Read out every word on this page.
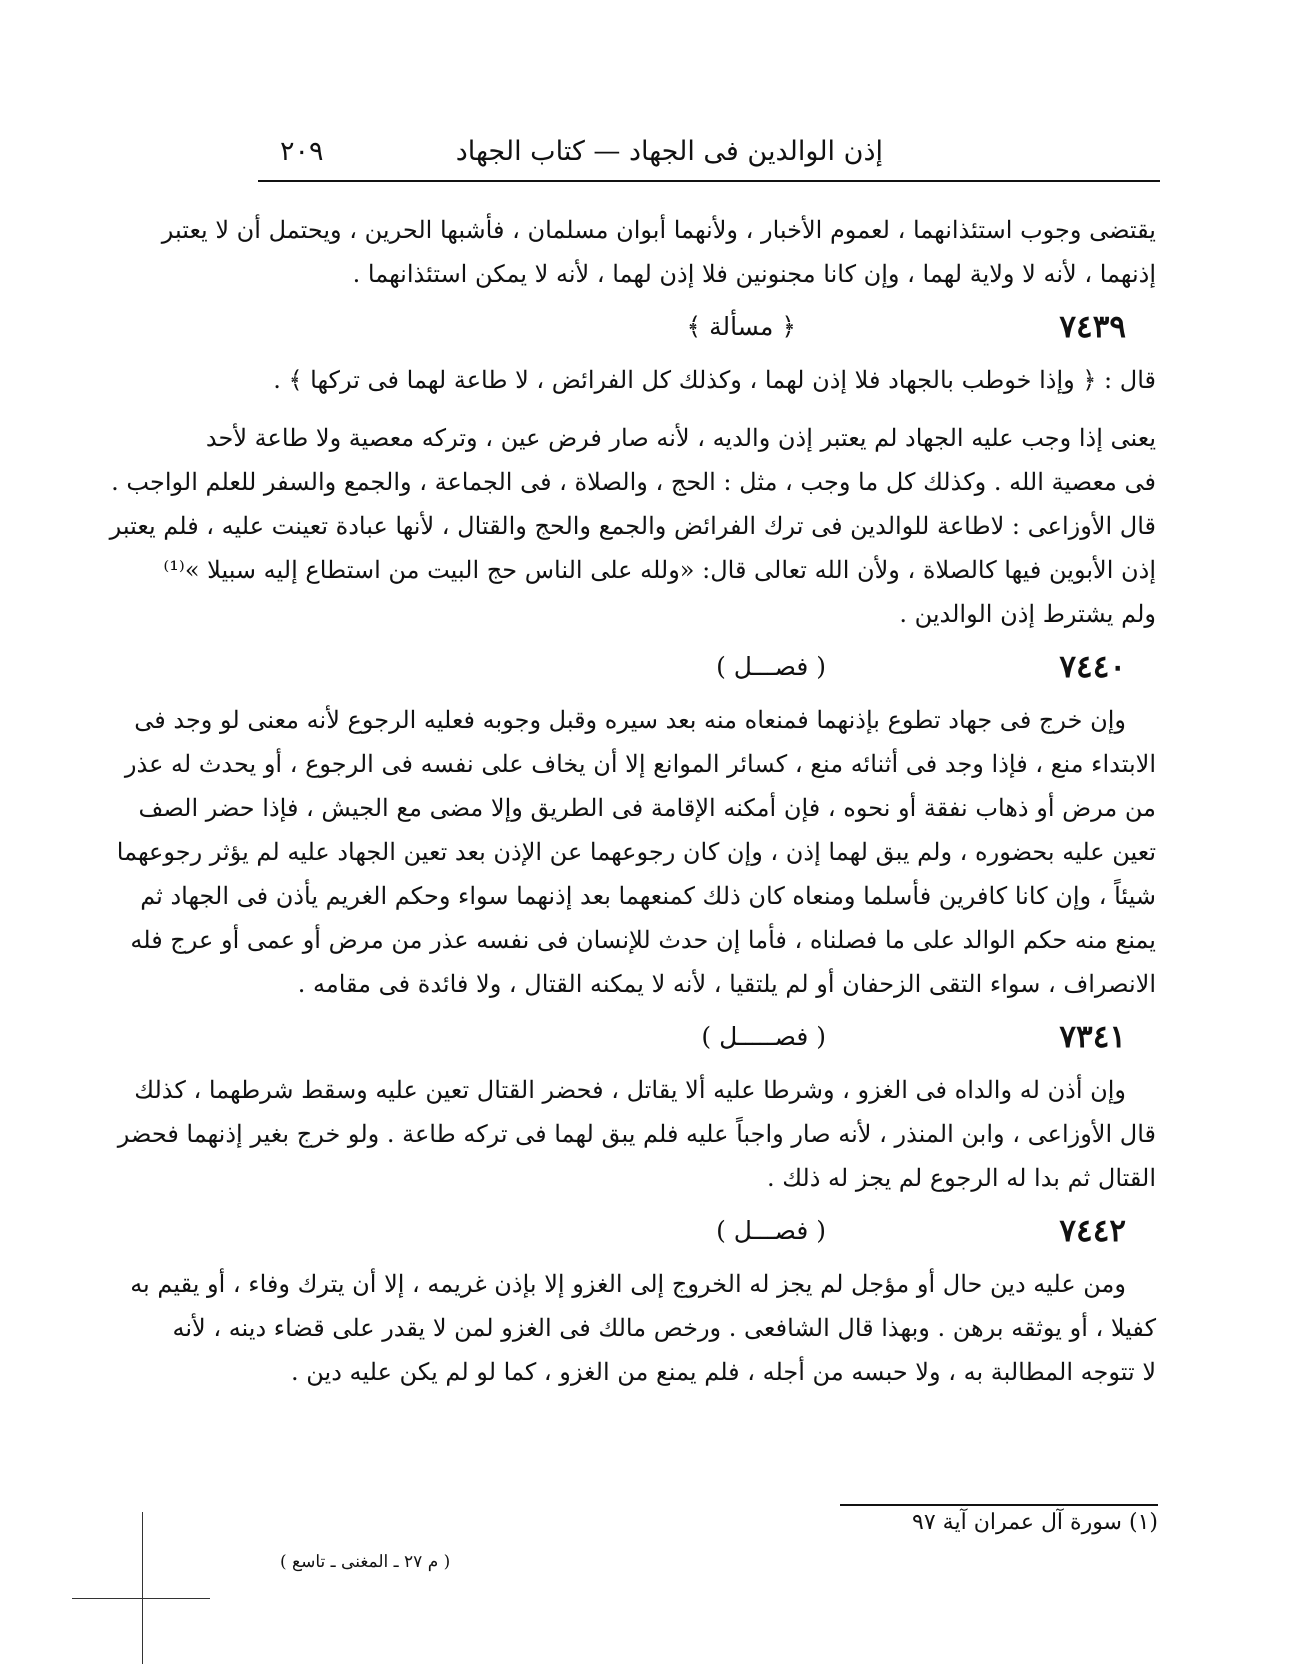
إذن الوالدين فى الجهاد — كتاب الجهاد
٢٠٩
يقتضى وجوب استئذانهما ، لعموم الأخبار ، ولأنهما أبوان مسلمان ، فأشبها الحرين ، ويحتمل أن لا يعتبر
إذنهما ، لأنه لا ولاية لهما ، وإن كانا مجنونين فلا إذن لهما ، لأنه لا يمكن استئذانهما .
٧٤٣٩
﴿ مسألة ﴾
قال : ﴿ وإذا خوطب بالجهاد فلا إذن لهما ، وكذلك كل الفرائض ، لا طاعة لهما فى تركها ﴾ .
يعنى إذا وجب عليه الجهاد لم يعتبر إذن والديه ، لأنه صار فرض عين ، وتركه معصية ولا طاعة لأحد
فى معصية الله . وكذلك كل ما وجب ، مثل : الحج ، والصلاة ، فى الجماعة ، والجمع والسفر للعلم الواجب .
قال الأوزاعى : لاطاعة للوالدين فى ترك الفرائض والجمع والحج والقتال ، لأنها عبادة تعينت عليه ، فلم يعتبر
إذن الأبوين فيها كالصلاة ، ولأن الله تعالى قال: «ولله على الناس حج البيت من استطاع إليه سبيلا »⁽¹⁾
ولم يشترط إذن الوالدين .
٧٤٤٠
( فصـــل )
وإن خرج فى جهاد تطوع بإذنهما فمنعاه منه بعد سيره وقبل وجوبه فعليه الرجوع لأنه معنى لو وجد فى
الابتداء منع ، فإذا وجد فى أثنائه منع ، كسائر الموانع إلا أن يخاف على نفسه فى الرجوع ، أو يحدث له عذر
من مرض أو ذهاب نفقة أو نحوه ، فإن أمكنه الإقامة فى الطريق وإلا مضى مع الجيش ، فإذا حضر الصف
تعين عليه بحضوره ، ولم يبق لهما إذن ، وإن كان رجوعهما عن الإذن بعد تعين الجهاد عليه لم يؤثر رجوعهما
شيئاً ، وإن كانا كافرين فأسلما ومنعاه كان ذلك كمنعهما بعد إذنهما سواء وحكم الغريم يأذن فى الجهاد ثم
يمنع منه حكم الوالد على ما فصلناه ، فأما إن حدث للإنسان فى نفسه عذر من مرض أو عمى أو عرج فله
الانصراف ، سواء التقى الزحفان أو لم يلتقيا ، لأنه لا يمكنه القتال ، ولا فائدة فى مقامه .
٧٣٤١
( فصـــــل )
وإن أذن له والداه فى الغزو ، وشرطا عليه ألا يقاتل ، فحضر القتال تعين عليه وسقط شرطهما ، كذلك
قال الأوزاعى ، وابن المنذر ، لأنه صار واجباً عليه فلم يبق لهما فى تركه طاعة . ولو خرج بغير إذنهما فحضر
القتال ثم بدا له الرجوع لم يجز له ذلك .
٧٤٤٢
( فصـــل )
ومن عليه دين حال أو مؤجل لم يجز له الخروج إلى الغزو إلا بإذن غريمه ، إلا أن يترك وفاء ، أو يقيم به
كفيلا ، أو يوثقه برهن . وبهذا قال الشافعى . ورخص مالك فى الغزو لمن لا يقدر على قضاء دينه ، لأنه
لا تتوجه المطالبة به ، ولا حبسه من أجله ، فلم يمنع من الغزو ، كما لو لم يكن عليه دين .
(١) سورة آل عمران آية ٩٧
( م ٢٧ ـ المغنى ـ تاسع )
